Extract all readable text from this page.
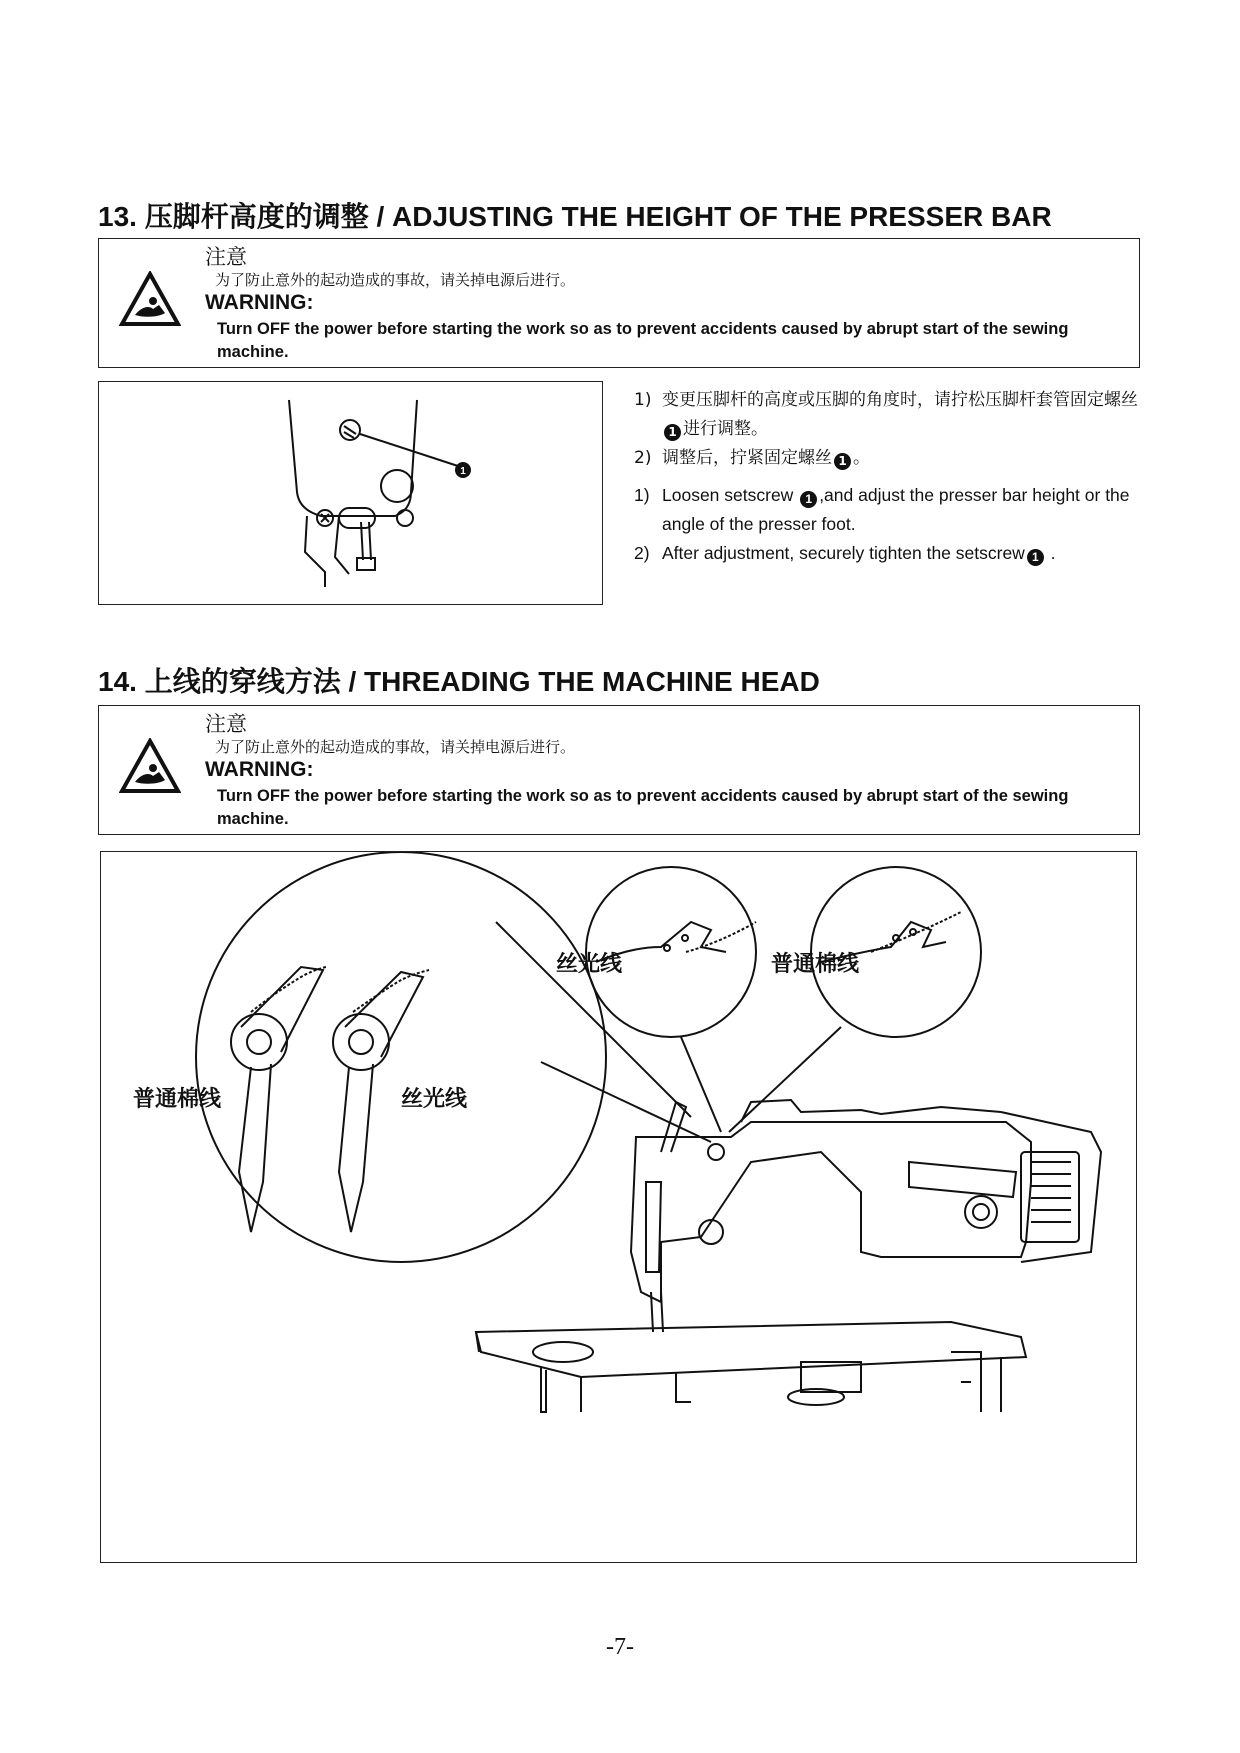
13. 压脚杆高度的调整 / ADJUSTING THE HEIGHT OF THE PRESSER BAR
注意
为了防止意外的起动造成的事故，请关掉电源后进行。
WARNING:
Turn OFF the power before starting the work so as to prevent accidents caused by abrupt start of the sewing machine.
1
1) 变更压脚杆的高度或压脚的角度时，请拧松压脚杆套管固定螺丝1 进行调整。
2) 调整后，拧紧固定螺丝 1 。
1) Loosen setscrew 1 ,and adjust the presser bar height or the angle of the presser foot.
2) After adjustment, securely tighten the setscrew 1 .
14. 上线的穿线方法 / THREADING THE MACHINE HEAD
注意
为了防止意外的起动造成的事故，请关掉电源后进行。
WARNING:
Turn OFF the power before starting the work so as to prevent accidents caused by abrupt start of the sewing machine.
普通棉线	丝光线
丝光线	普通棉线
-7-
